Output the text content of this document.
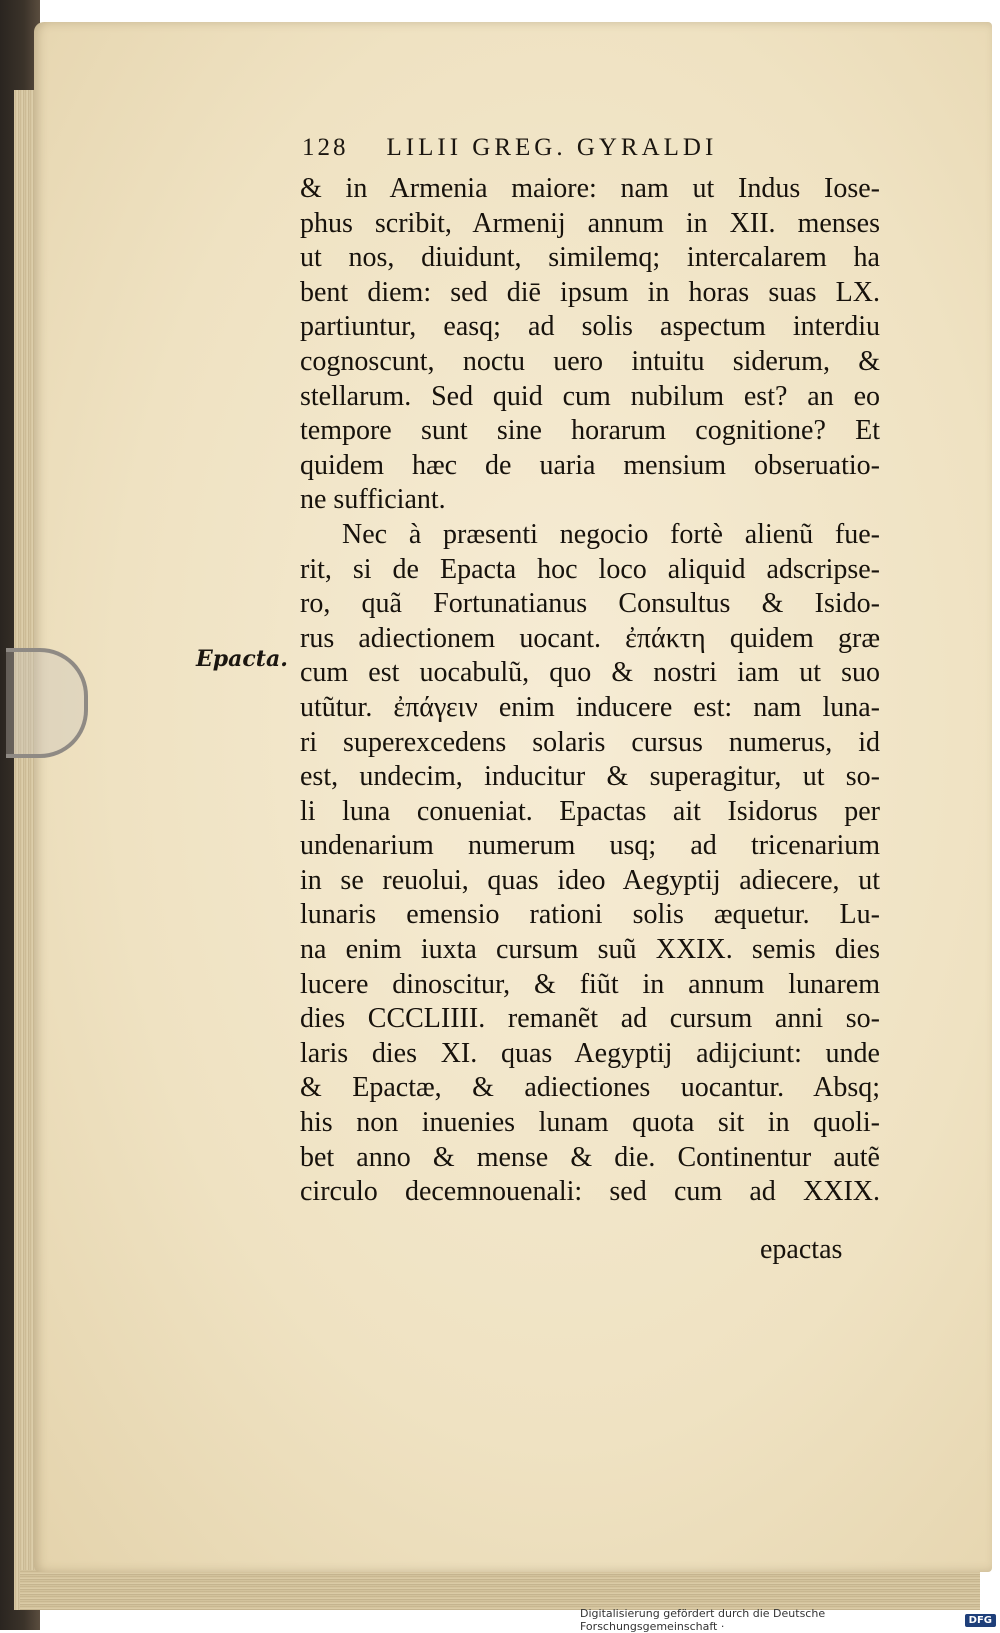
128 LILII GREG. GYRALDI
Epacta.
& in Armenia maiore: nam ut Indus Iose-
phus scribit, Armenij annum in XII. menses
ut nos, diuidunt, similemq; intercalarem ha
bent diem: sed diē ipsum in horas suas LX.
partiuntur, easq; ad solis aspectum interdiu
cognoscunt, noctu uero intuitu siderum, &
stellarum. Sed quid cum nubilum est? an eo
tempore sunt sine horarum cognitione? Et
quidem hæc de uaria mensium obseruatio-
ne sufficiant.
Nec à præsenti negocio fortè alienũ fue-
rit, si de Epacta hoc loco aliquid adscripse-
ro, quã Fortunatianus Consultus & Isido-
rus adiectionem uocant. ἐπάκτη quidem græ
cum est uocabulũ, quo & nostri iam ut suo
utũtur. ἐπάγειν enim inducere est: nam luna-
ri superexcedens solaris cursus numerus, id
est, undecim, inducitur & superagitur, ut so-
li luna conueniat. Epactas ait Isidorus per
undenarium numerum usq; ad tricenarium
in se reuolui, quas ideo Aegyptij adiecere, ut
lunaris emensio rationi solis æquetur. Lu-
na enim iuxta cursum suũ XXIX. semis dies
lucere dinoscitur, & fiũt in annum lunarem
dies CCCLIIII. remanẽt ad cursum anni so-
laris dies XI. quas Aegyptij adijciunt: unde
& Epactæ, & adiectiones uocantur. Absq;
his non inuenies lunam quota sit in quoli-
bet anno & mense & die. Continentur autẽ
circulo decemnouenali: sed cum ad XXIX.
epactas
Digitalisierung gefördert durch die Deutsche Forschungsgemeinschaft ·	DFG
